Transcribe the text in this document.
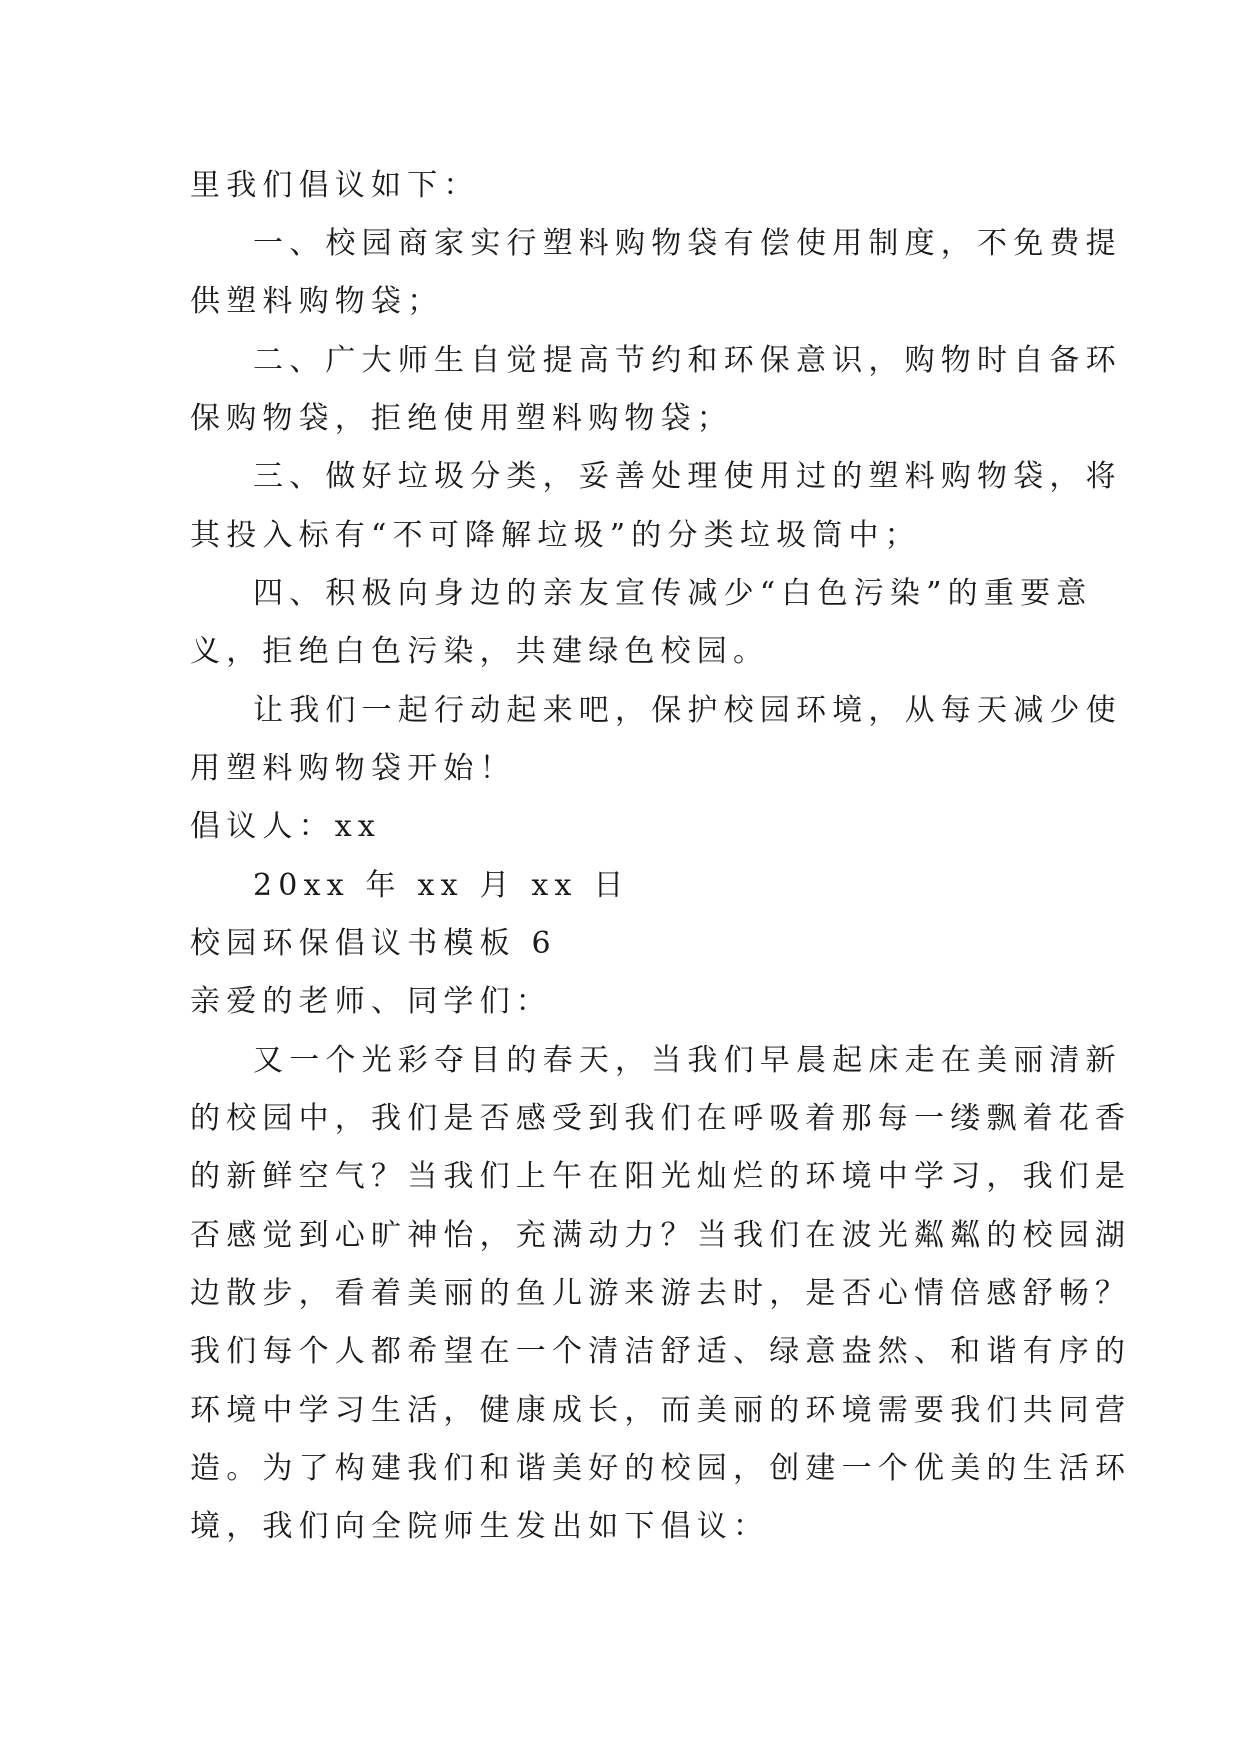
里我们倡议如下：
一、校园商家实行塑料购物袋有偿使用制度，不免费提
供塑料购物袋；
二、广大师生自觉提高节约和环保意识，购物时自备环
保购物袋，拒绝使用塑料购物袋；
三、做好垃圾分类，妥善处理使用过的塑料购物袋，将
其投入标有“不可降解垃圾”的分类垃圾筒中；
四、积极向身边的亲友宣传减少“白色污染”的重要意
义，拒绝白色污染，共建绿色校园。
让我们一起行动起来吧，保护校园环境，从每天减少使
用塑料购物袋开始！
倡议人：xx
20xx 年 xx 月 xx 日
校园环保倡议书模板 6
亲爱的老师、同学们：
又一个光彩夺目的春天，当我们早晨起床走在美丽清新
的校园中，我们是否感受到我们在呼吸着那每一缕飘着花香
的新鲜空气？当我们上午在阳光灿烂的环境中学习，我们是
否感觉到心旷神怡，充满动力？当我们在波光粼粼的校园湖
边散步，看着美丽的鱼儿游来游去时，是否心情倍感舒畅？
我们每个人都希望在一个清洁舒适、绿意盎然、和谐有序的
环境中学习生活，健康成长，而美丽的环境需要我们共同营
造。为了构建我们和谐美好的校园，创建一个优美的生活环
境，我们向全院师生发出如下倡议：
